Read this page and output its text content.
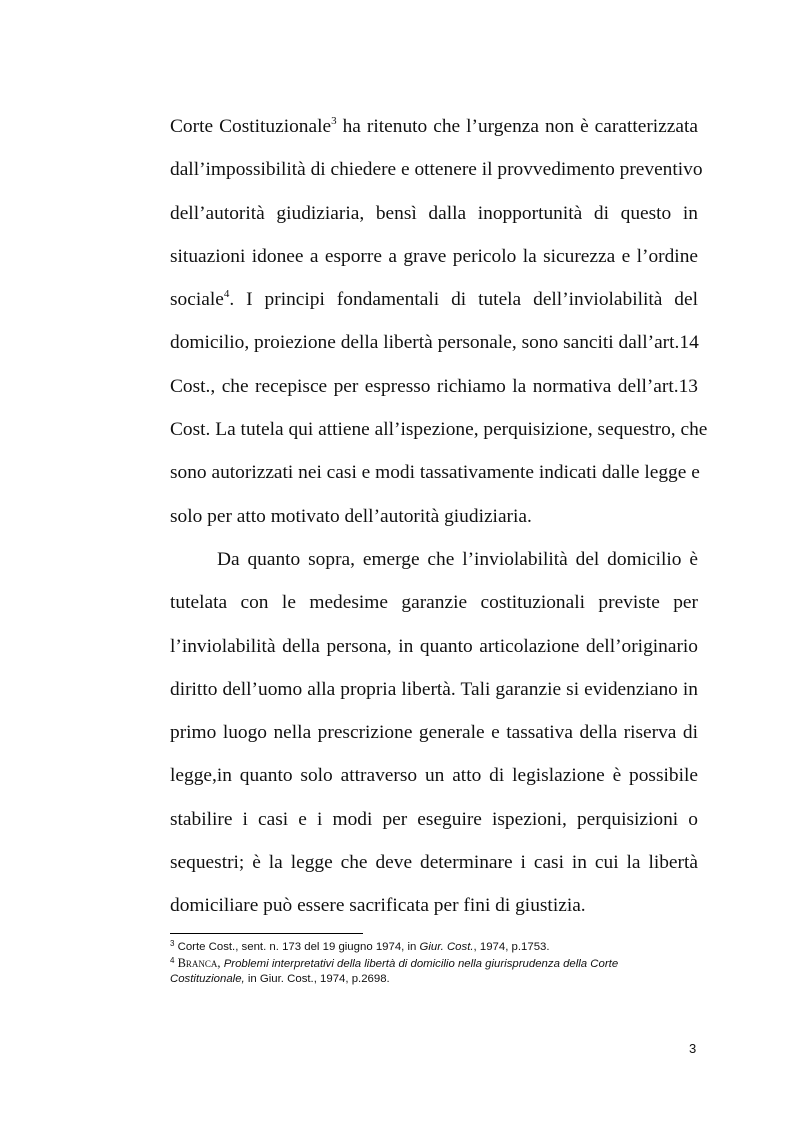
Corte Costituzionale$^3$ ha ritenuto che l’urgenza non è caratterizzata
dall’impossibilità di chiedere e ottenere il provvedimento preventivo
dell’autorità giudiziaria, bensì dalla inopportunità di questo in
situazioni idonee a esporre a grave pericolo la sicurezza e l’ordine
sociale$^4$. I principi fondamentali di tutela dell’inviolabilità del
domicilio, proiezione della libertà personale, sono sanciti dall’art.14
Cost., che recepisce per espresso richiamo la normativa dell’art.13
Cost. La tutela qui attiene all’ispezione, perquisizione, sequestro, che
sono autorizzati nei casi e modi tassativamente indicati dalle legge e
solo per atto motivato dell’autorità giudiziaria.
Da quanto sopra, emerge che l’inviolabilità del domicilio è
tutelata con le medesime garanzie costituzionali previste per
l’inviolabilità della persona, in quanto articolazione dell’originario
diritto dell’uomo alla propria libertà. Tali garanzie si evidenziano in
primo luogo nella prescrizione generale e tassativa della riserva di
legge,in quanto solo attraverso un atto di legislazione è possibile
stabilire i casi e i modi per eseguire ispezioni, perquisizioni o
sequestri; è la legge che deve determinare i casi in cui la libertà
domiciliare può essere sacrificata per fini di giustizia.
$^3$ Corte Cost., sent. n. 173 del 19 giugno 1974, in Giur. Cost., 1974, p.1753.
$^4$ Branca, Problemi interpretativi della libertà di domicilio nella giurisprudenza della Corte
Costituzionale, in Giur. Cost., 1974, p.2698.
3
